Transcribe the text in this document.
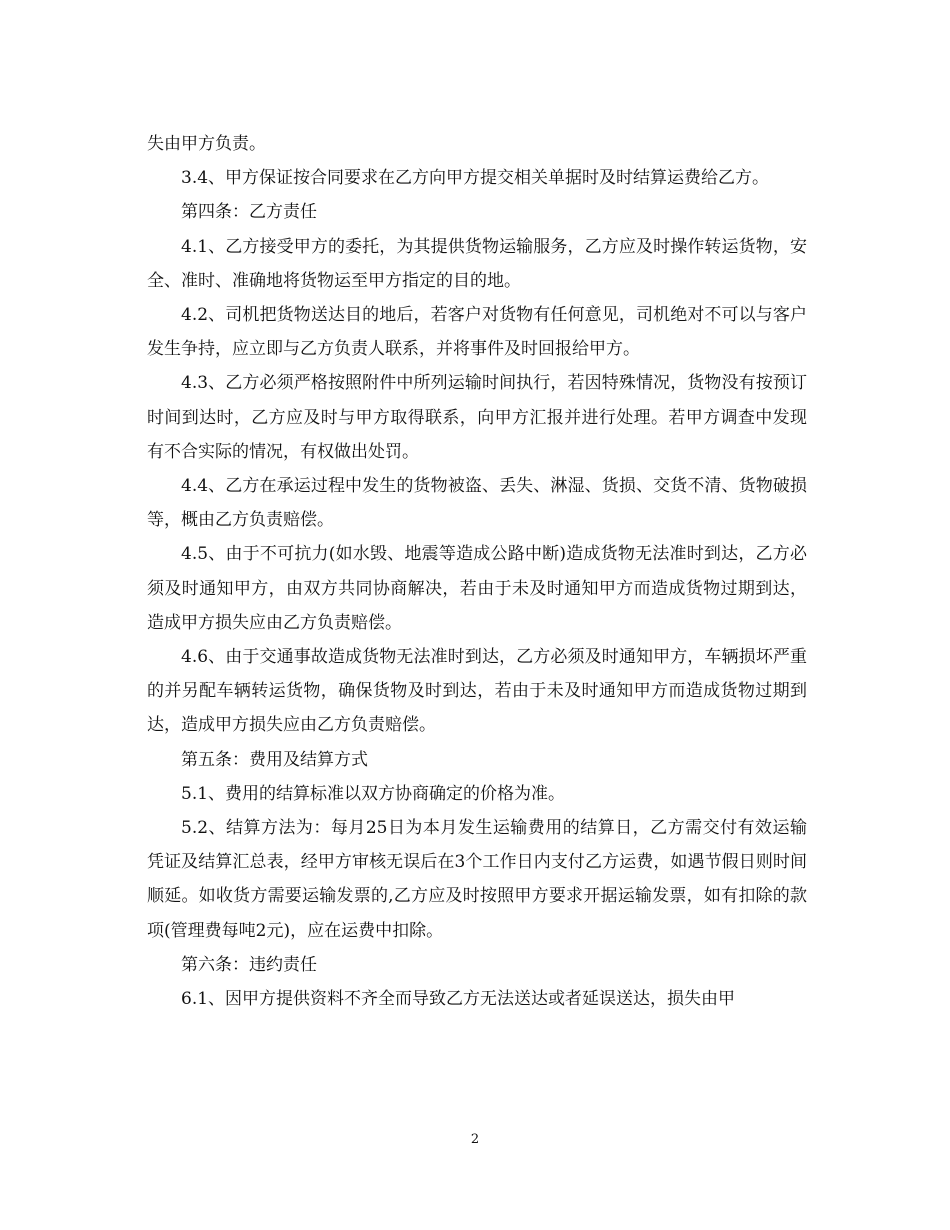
失由甲方负责。

3.4、甲方保证按合同要求在乙方向甲方提交相关单据时及时结算运费给乙方。

第四条：乙方责任

4.1、乙方接受甲方的委托，为其提供货物运输服务，乙方应及时操作转运货物，安全、准时、准确地将货物运至甲方指定的目的地。

4.2、司机把货物送达目的地后，若客户对货物有任何意见，司机绝对不可以与客户发生争持，应立即与乙方负责人联系，并将事件及时回报给甲方。

4.3、乙方必须严格按照附件中所列运输时间执行，若因特殊情况，货物没有按预订时间到达时，乙方应及时与甲方取得联系，向甲方汇报并进行处理。若甲方调查中发现有不合实际的情况，有权做出处罚。

4.4、乙方在承运过程中发生的货物被盗、丢失、淋湿、货损、交货不清、货物破损等，概由乙方负责赔偿。

4.5、由于不可抗力(如水毁、地震等造成公路中断)造成货物无法准时到达，乙方必须及时通知甲方，由双方共同协商解决，若由于未及时通知甲方而造成货物过期到达，造成甲方损失应由乙方负责赔偿。

4.6、由于交通事故造成货物无法准时到达，乙方必须及时通知甲方，车辆损坏严重的并另配车辆转运货物，确保货物及时到达，若由于未及时通知甲方而造成货物过期到达，造成甲方损失应由乙方负责赔偿。

第五条：费用及结算方式

5.1、费用的结算标准以双方协商确定的价格为准。

5.2、结算方法为：每月25日为本月发生运输费用的结算日，乙方需交付有效运输凭证及结算汇总表，经甲方审核无误后在3个工作日内支付乙方运费，如遇节假日则时间顺延。如收货方需要运输发票的,乙方应及时按照甲方要求开据运输发票，如有扣除的款项(管理费每吨2元)，应在运费中扣除。

第六条：违约责任

6.1、因甲方提供资料不齐全而导致乙方无法送达或者延误送达，损失由甲

2
